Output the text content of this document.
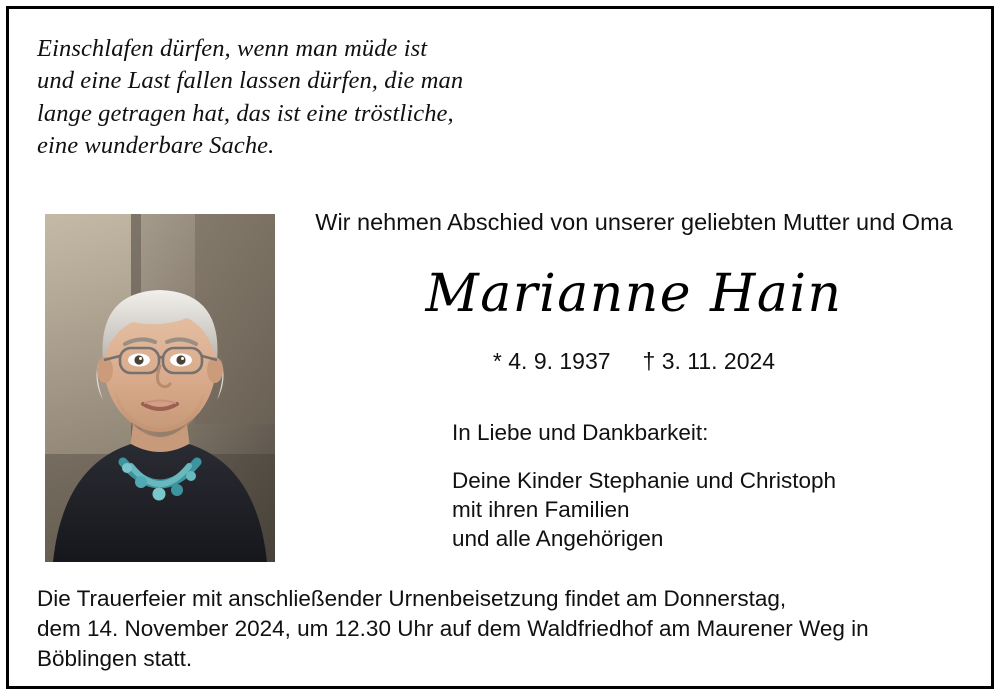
Einschlafen dürfen, wenn man müde ist
und eine Last fallen lassen dürfen, die man
lange getragen hat, das ist eine tröstliche,
eine wunderbare Sache.
Wir nehmen Abschied von unserer geliebten Mutter und Oma
Marianne Hain
* 4. 9. 1937     † 3. 11. 2024
In Liebe und Dankbarkeit:
Deine Kinder Stephanie und Christoph
mit ihren Familien
und alle Angehörigen
Die Trauerfeier mit anschließender Urnenbeisetzung findet am Donnerstag,
dem 14. November 2024, um 12.30 Uhr auf dem Waldfriedhof am Maurener Weg in
Böblingen statt.
